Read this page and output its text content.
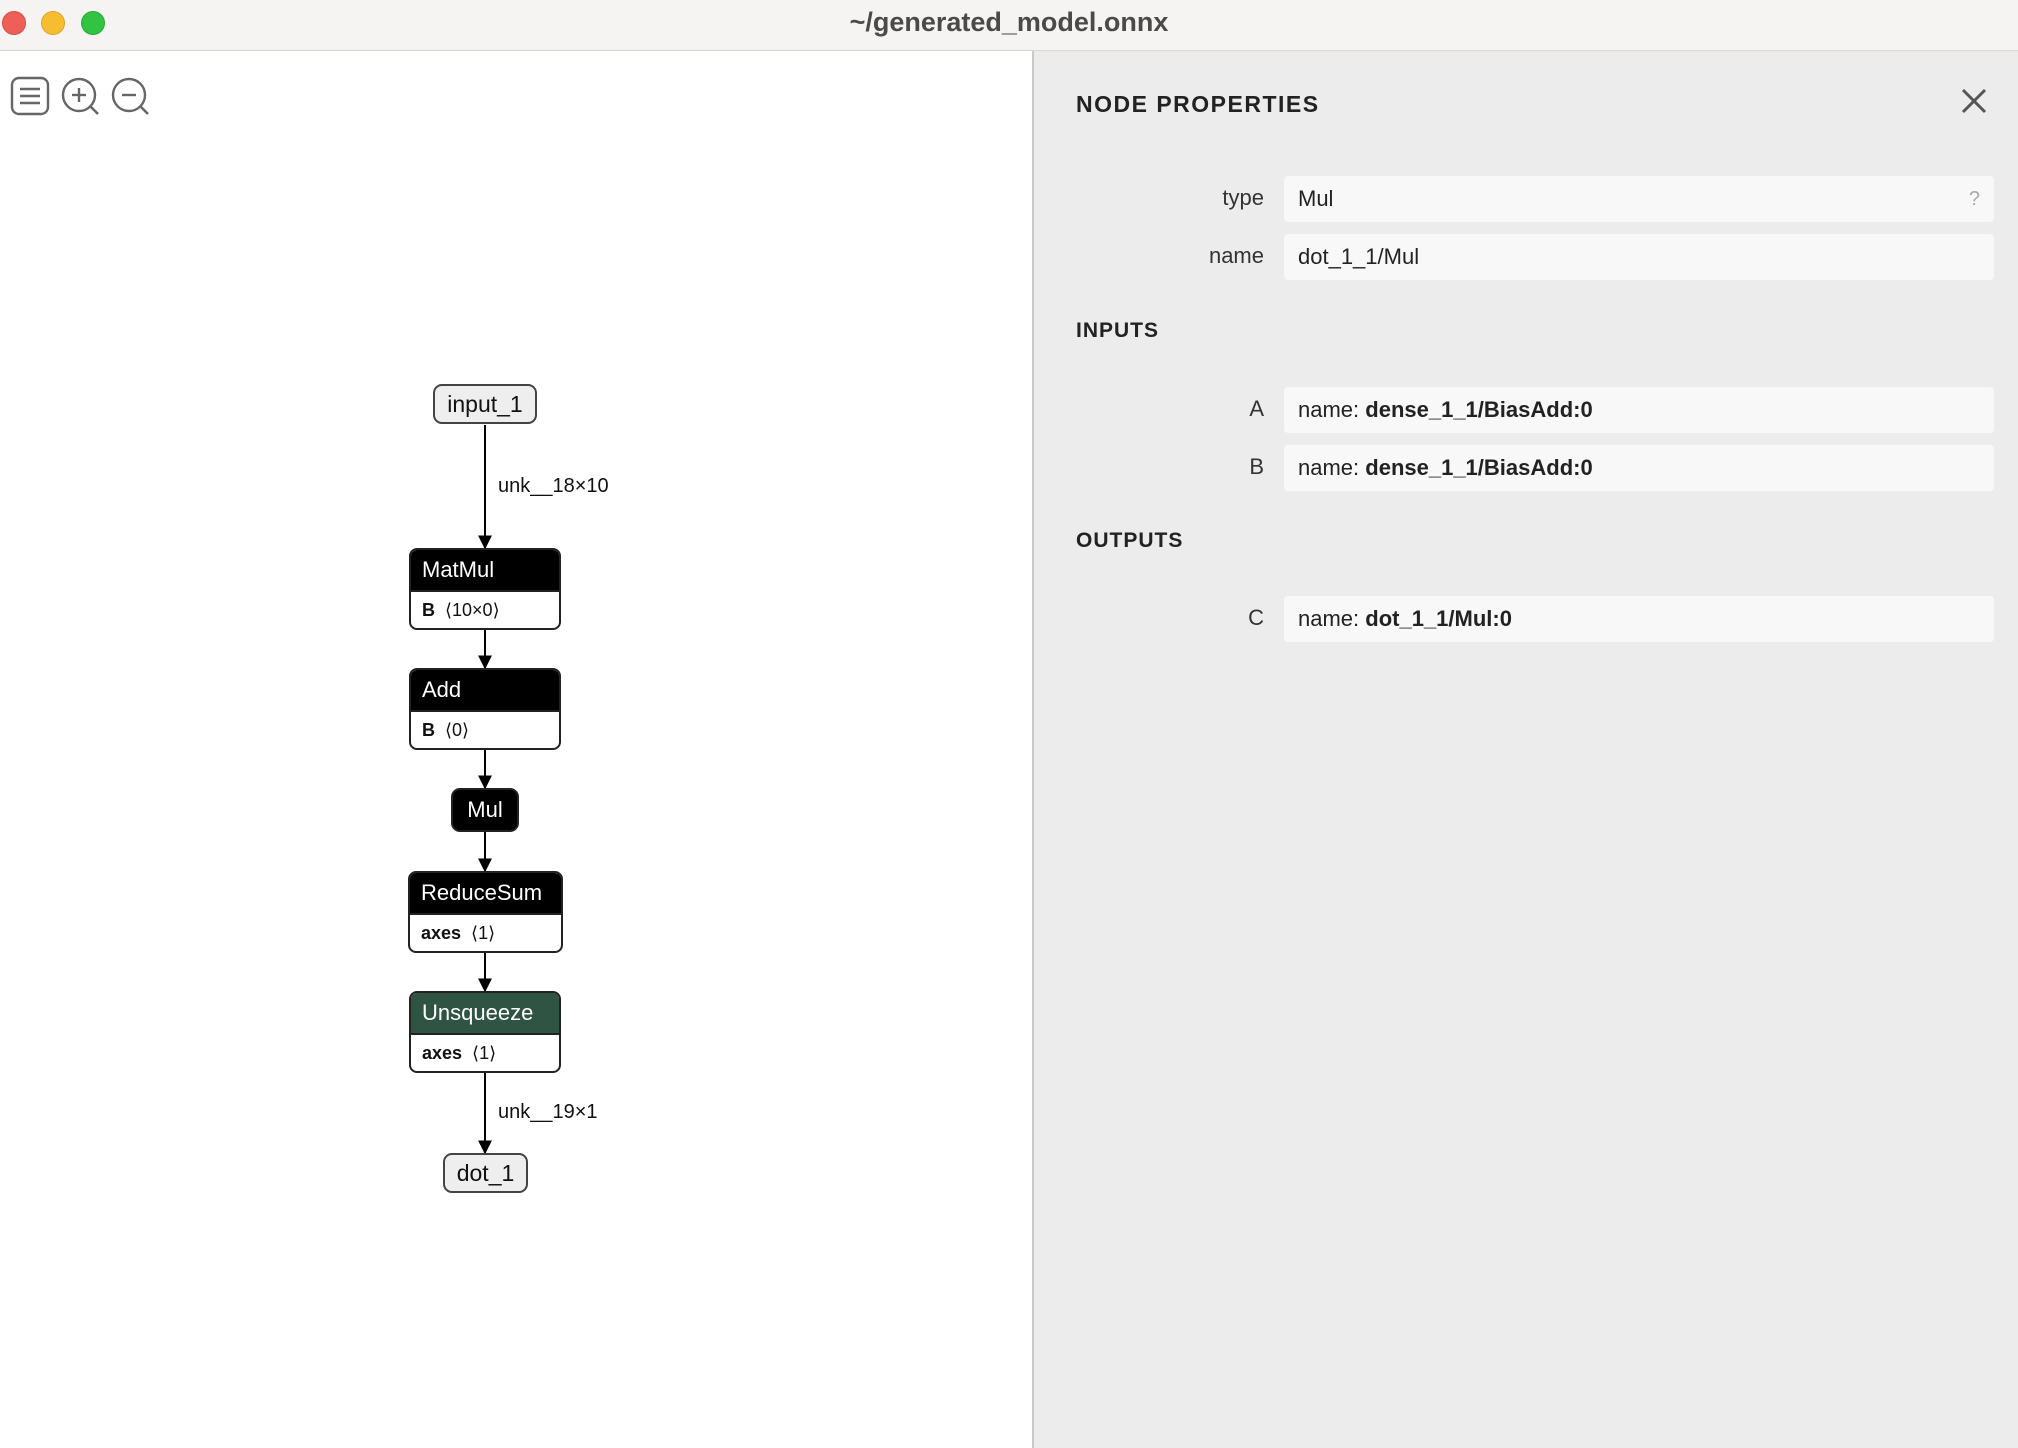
~/generated_model.onnx
unk__18×10
unk__19×1
input_1
MatMul
B ⟨10×0⟩
Add
B ⟨0⟩
Mul
ReduceSum
axes ⟨1⟩
Unsqueeze
axes ⟨1⟩
dot_1
NODE PROPERTIES
type	Mul	?
name	dot_1_1/Mul
INPUTS
A	name: dense_1_1/BiasAdd:0
B	name: dense_1_1/BiasAdd:0
OUTPUTS
C	name: dot_1_1/Mul:0
